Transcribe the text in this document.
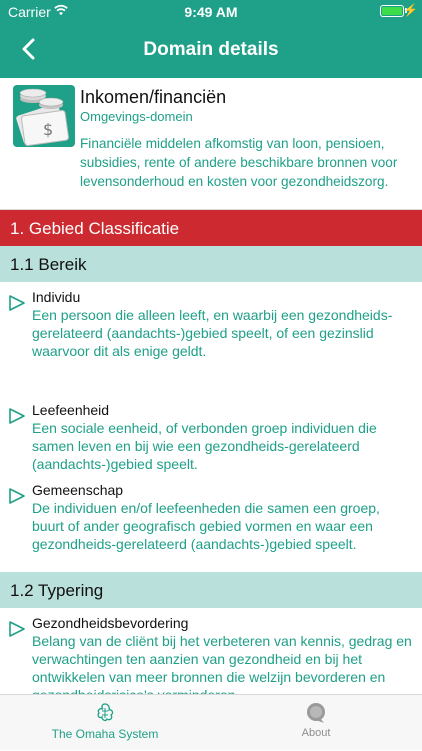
Carrier	9:49 AM	⚡
Domain details
$
Inkomen/financiën
Omgevings-domein
Financiële middelen afkomstig van loon, pensioen, subsidies, rente of andere beschikbare bronnen voor levensonderhoud en kosten voor gezondheidszorg.
1. Gebied Classificatie
1.1 Bereik
Individu
Een persoon die alleen leeft, en waarbij een gezondheids-gerelateerd (aandachts-)gebied speelt, of een gezinslid waarvoor dit als enige geldt.
Leefeenheid
Een sociale eenheid, of verbonden groep individuen die samen leven en bij wie een gezondheids-gerelateerd (aandachts-)gebied speelt.
Gemeenschap
De individuen en/of leefeenheden die samen een groep, buurt of ander geografisch gebied vormen en waar een gezondheids-gerelateerd (aandachts-)gebied speelt.
1.2 Typering
Gezondheidsbevordering
Belang van de cliënt bij het verbeteren van kennis, gedrag en verwachtingen ten aanzien van gezondheid en bij het ontwikkelen van meer bronnen die welzijn bevorderen en
The Omaha System	About
